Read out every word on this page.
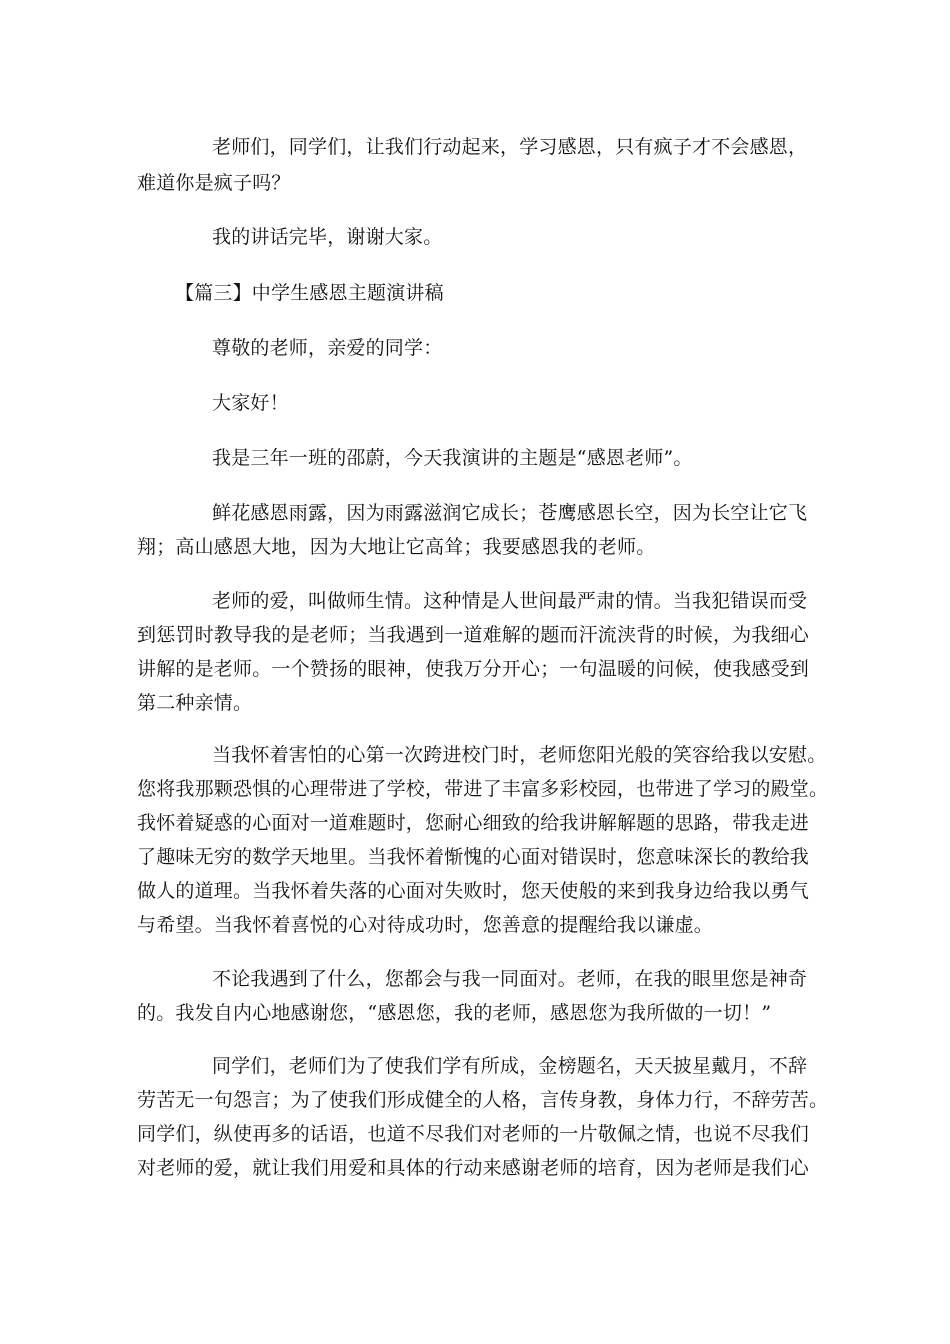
老师们，同学们，让我们行动起来，学习感恩，只有疯子才不会感恩，
难道你是疯子吗？
我的讲话完毕，谢谢大家。
【篇三】中学生感恩主题演讲稿
尊敬的老师，亲爱的同学：
大家好！
我是三年一班的邵蔚，今天我演讲的主题是“感恩老师”。
鲜花感恩雨露，因为雨露滋润它成长；苍鹰感恩长空，因为长空让它飞
翔；高山感恩大地，因为大地让它高耸；我要感恩我的老师。
老师的爱，叫做师生情。这种情是人世间最严肃的情。当我犯错误而受
到惩罚时教导我的是老师；当我遇到一道难解的题而汗流浃背的时候，为我细心
讲解的是老师。一个赞扬的眼神，使我万分开心；一句温暖的问候，使我感受到
第二种亲情。
当我怀着害怕的心第一次跨进校门时，老师您阳光般的笑容给我以安慰。
您将我那颗恐惧的心理带进了学校，带进了丰富多彩校园，也带进了学习的殿堂。
我怀着疑惑的心面对一道难题时，您耐心细致的给我讲解解题的思路，带我走进
了趣味无穷的数学天地里。当我怀着惭愧的心面对错误时，您意味深长的教给我
做人的道理。当我怀着失落的心面对失败时，您天使般的来到我身边给我以勇气
与希望。当我怀着喜悦的心对待成功时，您善意的提醒给我以谦虚。
不论我遇到了什么，您都会与我一同面对。老师，在我的眼里您是神奇
的。我发自内心地感谢您，“感恩您，我的老师，感恩您为我所做的一切！”
同学们，老师们为了使我们学有所成，金榜题名，天天披星戴月，不辞
劳苦无一句怨言；为了使我们形成健全的人格，言传身教，身体力行，不辞劳苦。
同学们，纵使再多的话语，也道不尽我们对老师的一片敬佩之情，也说不尽我们
对老师的爱，就让我们用爱和具体的行动来感谢老师的培育，因为老师是我们心
